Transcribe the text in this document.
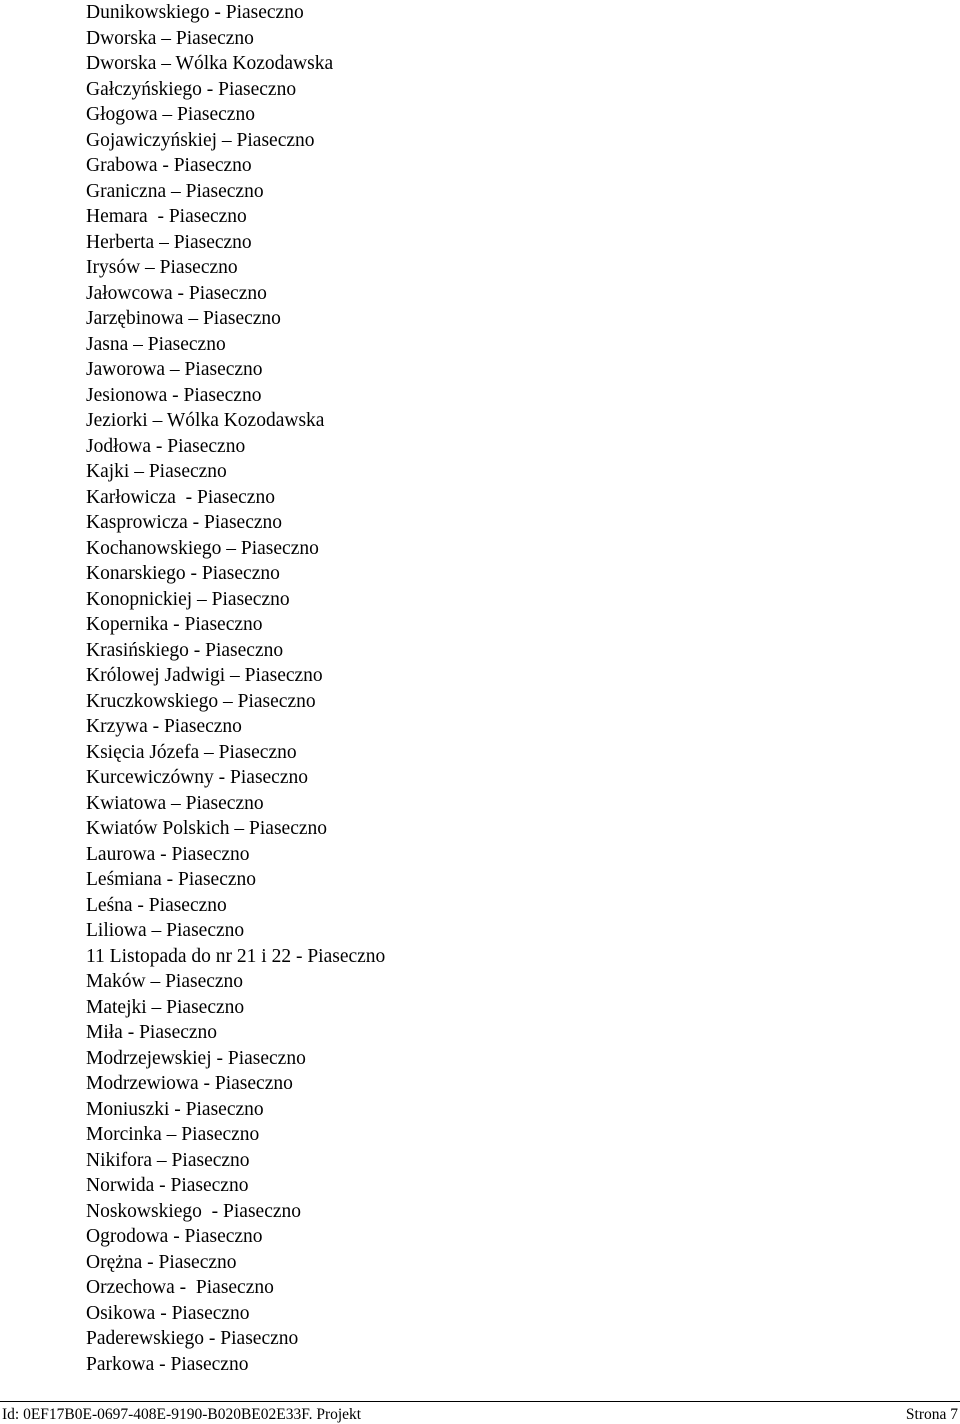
Dunikowskiego - Piaseczno
Dworska – Piaseczno
Dworska – Wólka Kozodawska
Gałczyńskiego - Piaseczno
Głogowa – Piaseczno
Gojawiczyńskiej – Piaseczno
Grabowa - Piaseczno
Graniczna – Piaseczno
Hemara  - Piaseczno
Herberta – Piaseczno
Irysów – Piaseczno
Jałowcowa - Piaseczno
Jarzębinowa – Piaseczno
Jasna – Piaseczno
Jaworowa – Piaseczno
Jesionowa - Piaseczno
Jeziorki – Wólka Kozodawska
Jodłowa - Piaseczno
Kajki – Piaseczno
Karłowicza  - Piaseczno
Kasprowicza - Piaseczno
Kochanowskiego – Piaseczno
Konarskiego - Piaseczno
Konopnickiej – Piaseczno
Kopernika - Piaseczno
Krasińskiego - Piaseczno
Królowej Jadwigi – Piaseczno
Kruczkowskiego – Piaseczno
Krzywa - Piaseczno
Księcia Józefa – Piaseczno
Kurcewiczówny - Piaseczno
Kwiatowa – Piaseczno
Kwiatów Polskich – Piaseczno
Laurowa - Piaseczno
Leśmiana - Piaseczno
Leśna - Piaseczno
Liliowa – Piaseczno
11 Listopada do nr 21 i 22 - Piaseczno
Maków – Piaseczno
Matejki – Piaseczno
Miła - Piaseczno
Modrzejewskiej - Piaseczno
Modrzewiowa - Piaseczno
Moniuszki - Piaseczno
Morcinka – Piaseczno
Nikifora – Piaseczno
Norwida - Piaseczno
Noskowskiego  - Piaseczno
Ogrodowa - Piaseczno
Orężna - Piaseczno
Orzechowa -  Piaseczno
Osikowa - Piaseczno
Paderewskiego - Piaseczno
Parkowa - Piaseczno
Id: 0EF17B0E-0697-408E-9190-B020BE02E33F. Projekt	Strona 7
